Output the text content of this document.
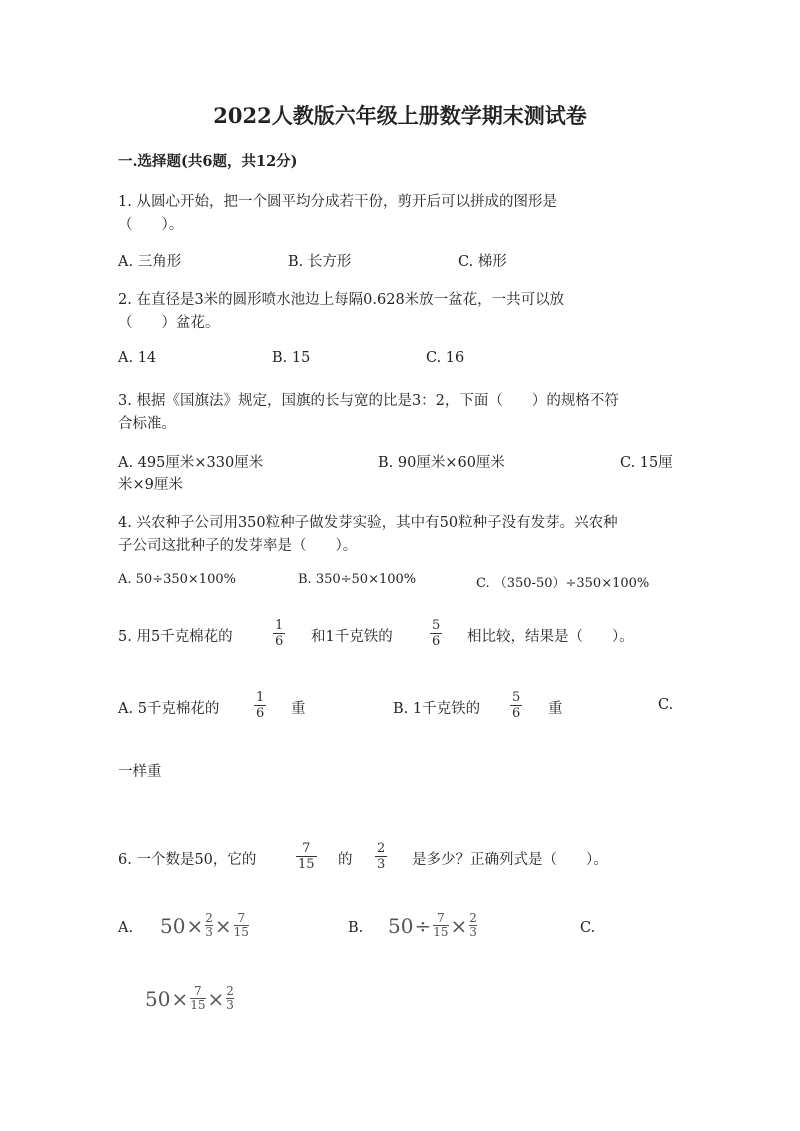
2022人教版六年级上册数学期末测试卷
一.选择题(共6题，共12分)
1. 从圆心开始，把一个圆平均分成若干份，剪开后可以拼成的图形是
（　　）。
A. 三角形	B. 长方形	C. 梯形
2. 在直径是3米的圆形喷水池边上每隔0.628米放一盆花，一共可以放
（　　）盆花。
A. 14	B. 15	C. 16
3. 根据《国旗法》规定，国旗的长与宽的比是3：2，下面（　　）的规格不符
合标准。
A. 495厘米×330厘米	B. 90厘米×60厘米	C. 15厘
米×9厘米
4. 兴农种子公司用350粒种子做发芽实验，其中有50粒种子没有发芽。兴农种
子公司这批种子的发芽率是（　　）。
A. 50÷350×100%	B. 350÷50×100%	C. （350-50）÷350×100%
5. 用5千克棉花的
1
6 和1千克铁的
5
6 相比较，结果是（　　）。
A. 5千克棉花的
1
6 重	B. 1千克铁的
5
6 重	C.
一样重
6. 一个数是50，它的
7
15 的
2
3 是多少？正确列式是（　　）。
A. 50 × 2
3 × 7
15	B. 50 ÷ 7
15 × 2
3	C.
50 × 7
15 × 2
3
